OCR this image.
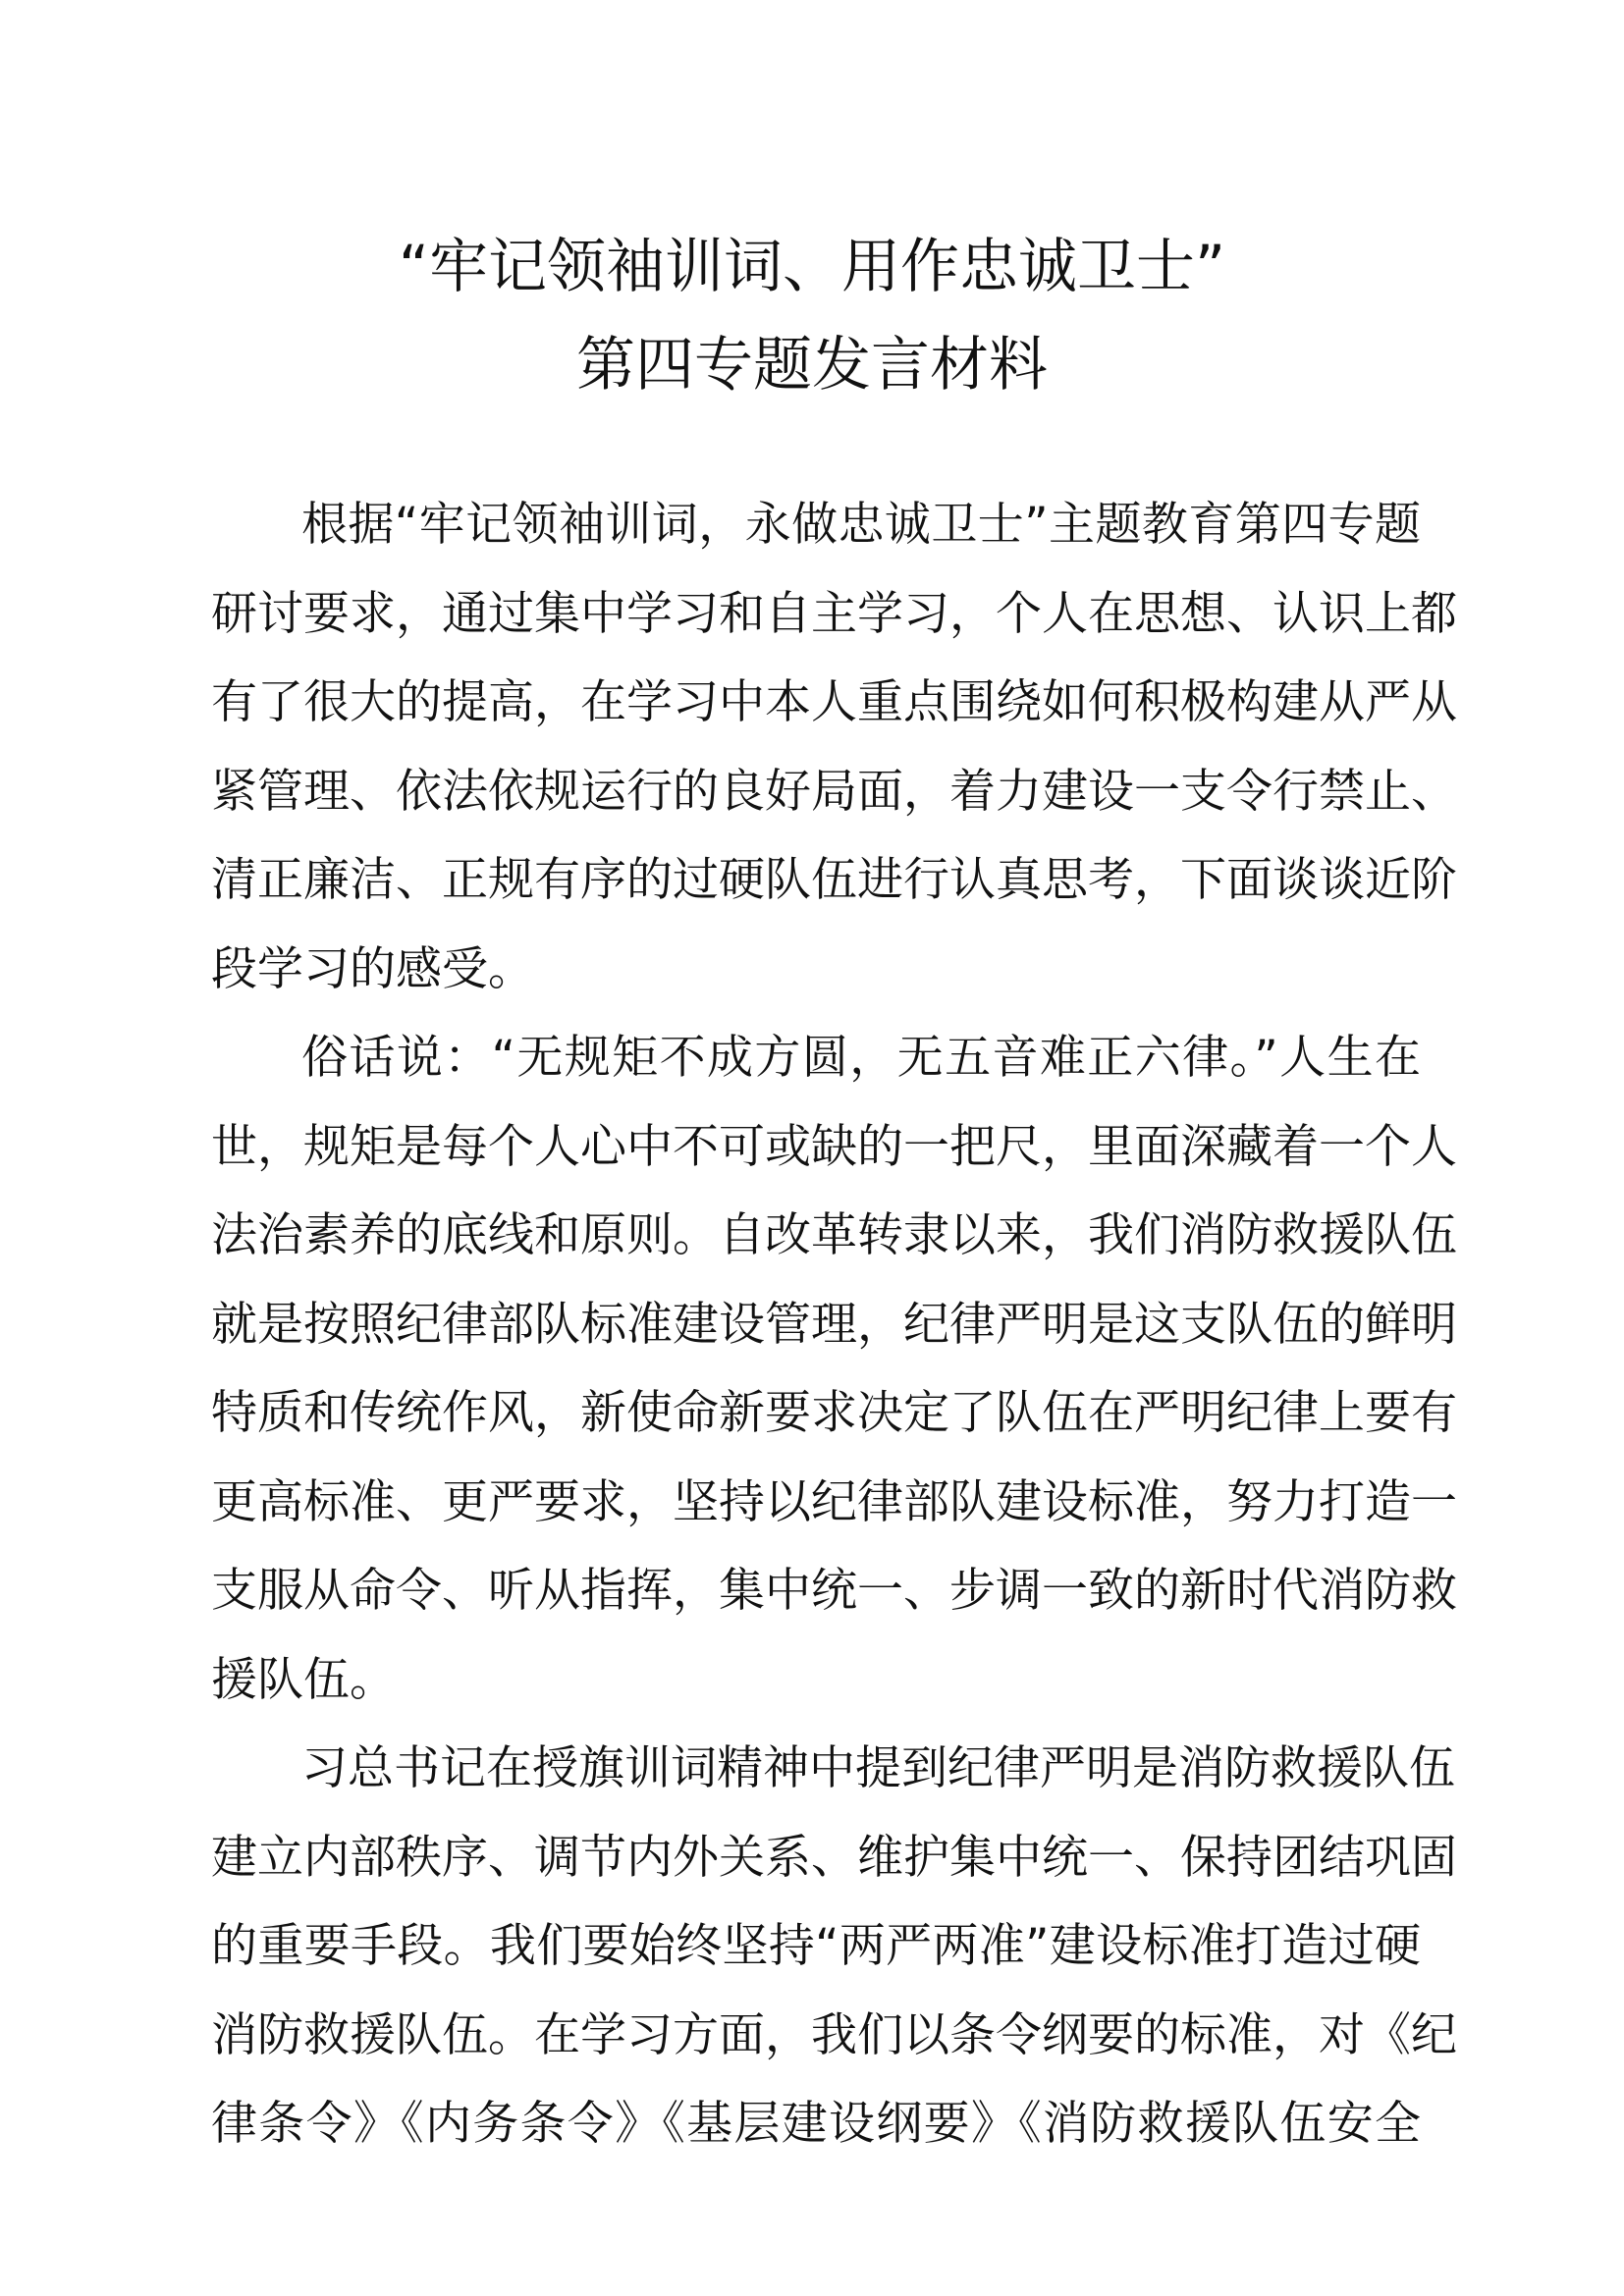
“牢记领袖训词、用作忠诚卫士”
第四专题发言材料
根据“牢记领袖训词，永做忠诚卫士”主题教育第四专题
研讨要求，通过集中学习和自主学习，个人在思想、认识上都
有了很大的提高，在学习中本人重点围绕如何积极构建从严从
紧管理、依法依规运行的良好局面，着力建设一支令行禁止、
清正廉洁、正规有序的过硬队伍进行认真思考，下面谈谈近阶
段学习的感受。
俗话说：“无规矩不成方圆，无五音难正六律。”人生在
世，规矩是每个人心中不可或缺的一把尺，里面深藏着一个人
法治素养的底线和原则。自改革转隶以来，我们消防救援队伍
就是按照纪律部队标准建设管理，纪律严明是这支队伍的鲜明
特质和传统作风，新使命新要求决定了队伍在严明纪律上要有
更高标准、更严要求，坚持以纪律部队建设标准，努力打造一
支服从命令、听从指挥，集中统一、步调一致的新时代消防救
援队伍。
习总书记在授旗训词精神中提到纪律严明是消防救援队伍
建立内部秩序、调节内外关系、维护集中统一、保持团结巩固
的重要手段。我们要始终坚持“两严两准”建设标准打造过硬
消防救援队伍。在学习方面，我们以条令纲要的标准，对《纪
律条令》《内务条令》《基层建设纲要》《消防救援队伍安全
